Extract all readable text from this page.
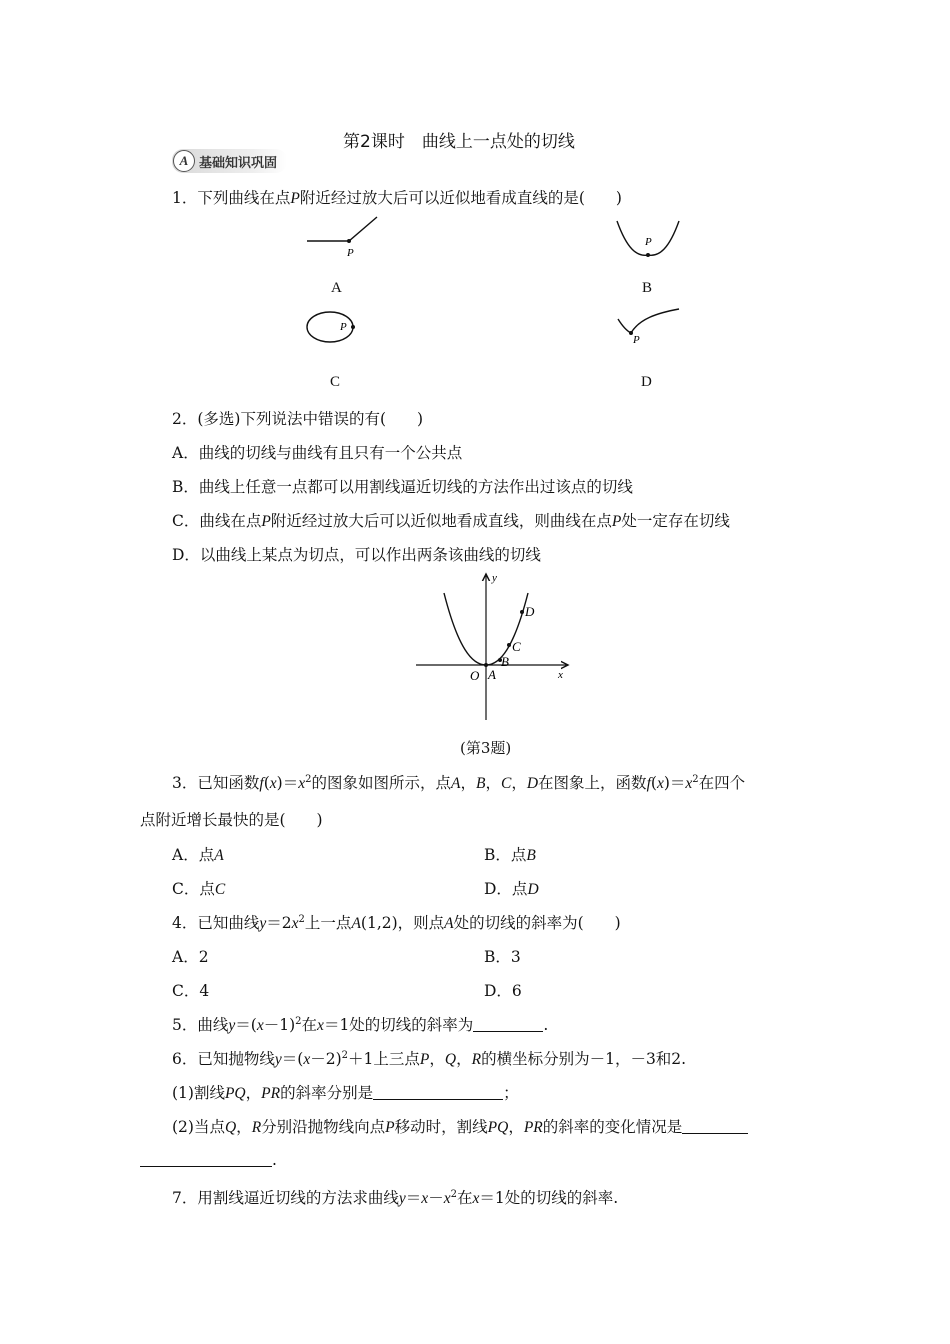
第2课时　曲线上一点处的切线
A 基础知识巩固
1．下列曲线在点P附近经过放大后可以近似地看成直线的是(　　)
P
A
P
B
P
C
P
D
2．(多选)下列说法中错误的有(　　)
A．曲线的切线与曲线有且只有一个公共点
B．曲线上任意一点都可以用割线逼近切线的方法作出过该点的切线
C．曲线在点P附近经过放大后可以近似地看成直线，则曲线在点P处一定存在切线
D．以曲线上某点为切点，可以作出两条该曲线的切线
y
x
O A
B
C
D
(第3题)
3．已知函数$f(x)=x^2$的图象如图所示，点A，B，C，D在图象上，函数$f(x)=x^2$在四个
点附近增长最快的是(　　)
A．点A	B．点B
C．点C	D．点D
4．已知曲线$y=2x^2$上一点A(1,2)，则点A处的切线的斜率为(　　)
A．2	B．3
C．4	D．6
5．曲线$y=(x-1)^2$在x＝1处的切线的斜率为	.
6．已知抛物线$y=(x-2)^2+1$上三点P，Q，R的横坐标分别为－1，－3和2.
(1)割线PQ，PR的斜率分别是	；
(2)当点Q，R分别沿抛物线向点P移动时，割线PQ，PR的斜率的变化情况是
.
7．用割线逼近切线的方法求曲线$y=x-x^2$在x＝1处的切线的斜率.
